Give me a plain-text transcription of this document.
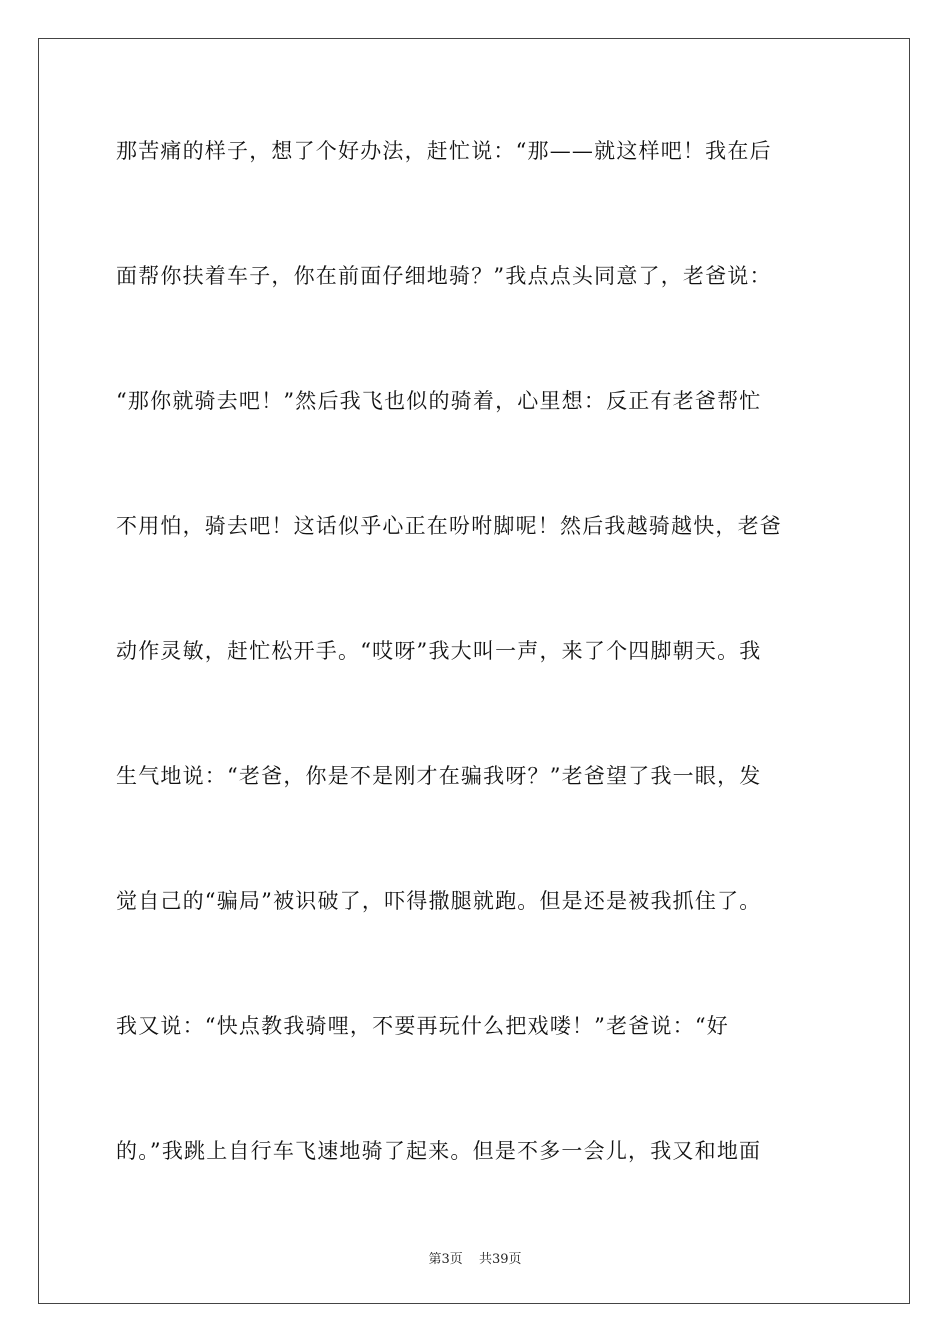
那苦痛的样子，想了个好办法，赶忙说：“那——就这样吧！我在后
面帮你扶着车子，你在前面仔细地骑？”我点点头同意了，老爸说：
“那你就骑去吧！”然后我飞也似的骑着，心里想：反正有老爸帮忙
不用怕，骑去吧！这话似乎心正在吩咐脚呢！然后我越骑越快，老爸
动作灵敏，赶忙松开手。“哎呀”我大叫一声，来了个四脚朝天。我
生气地说：“老爸，你是不是刚才在骗我呀？”老爸望了我一眼，发
觉自己的“骗局”被识破了，吓得撒腿就跑。但是还是被我抓住了。
我又说：“快点教我骑哩，不要再玩什么把戏喽！”老爸说：“好
的。”我跳上自行车飞速地骑了起来。但是不多一会儿，我又和地面
第3页 共39页
